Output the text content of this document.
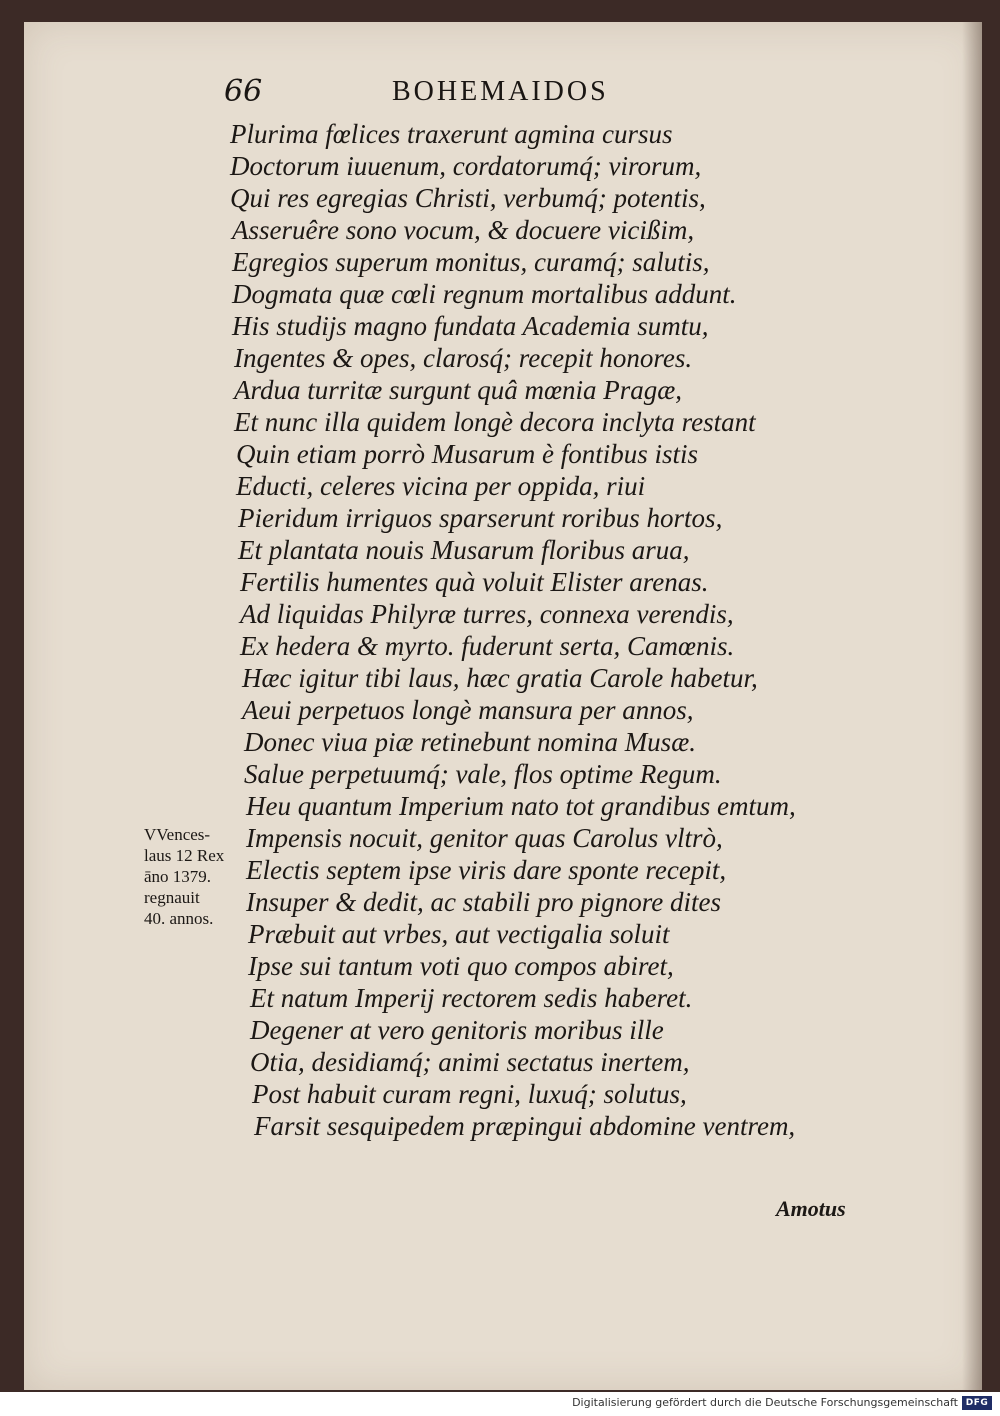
66	BOHEMAIDOS
Plurima fœlices traxerunt agmina cursus
Doctorum iuuenum, cordatorumq́; virorum,
Qui res egregias Christi, verbumq́; potentis,
Asseruêre sono vocum, & docuere vicißim,
Egregios superum monitus, curamq́; salutis,
Dogmata quæ cœli regnum mortalibus addunt.
His studijs magno fundata Academia sumtu,
Ingentes & opes, clarosq́; recepit honores.
Ardua turritæ surgunt quâ mœnia Pragæ,
Et nunc illa quidem longè decora inclyta restant
Quin etiam porrò Musarum è fontibus istis
Educti, celeres vicina per oppida, riui
Pieridum irriguos sparserunt roribus hortos,
Et plantata nouis Musarum floribus arua,
Fertilis humentes quà voluit Elister arenas.
Ad liquidas Philyræ turres, connexa verendis,
Ex hedera & myrto. fuderunt serta, Camœnis.
Hæc igitur tibi laus, hæc gratia Carole habetur,
Aeui perpetuos longè mansura per annos,
Donec viua piæ retinebunt nomina Musæ.
Salue perpetuumq́; vale, flos optime Regum.
Heu quantum Imperium nato tot grandibus emtum,
Impensis nocuit, genitor quas Carolus vltrò,
Electis septem ipse viris dare sponte recepit,
Insuper & dedit, ac stabili pro pignore dites
Præbuit aut vrbes, aut vectigalia soluit
Ipse sui tantum voti quo compos abiret,
Et natum Imperij rectorem sedis haberet.
Degener at vero genitoris moribus ille
Otia, desidiamq́; animi sectatus inertem,
Post habuit curam regni, luxuq́; solutus,
Farsit sesquipedem præpingui abdomine ventrem,
Amotus
VVences-
laus 12 Rex
āno 1379.
regnauit
40. annos.
Digitalisierung gefördert durch die Deutsche Forschungsgemeinschaft DFG
